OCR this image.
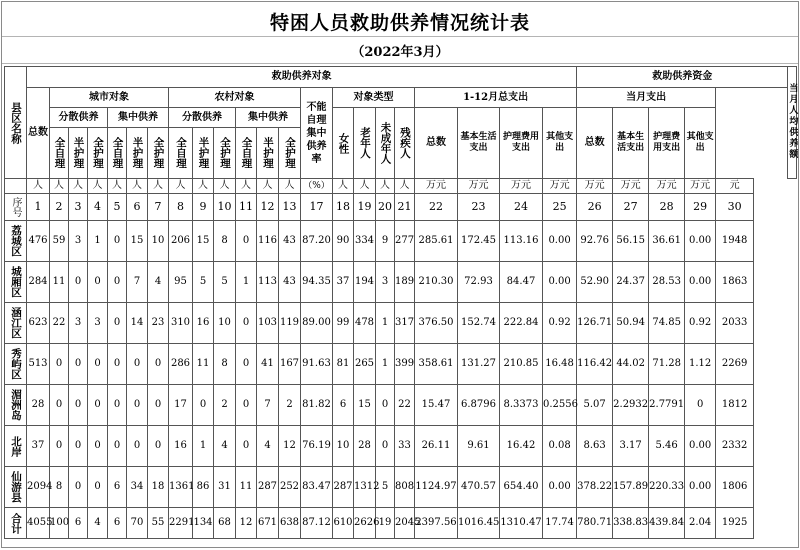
特困人员救助供养情况统计表
（2022年3月）
县区名称	救助供养对象																						救助供养资金					当月人均供养额

	总数	城市对象						农村对象						不能自理集中供养率	对象类型				1-12月总支出				当月支出					
		分散供养			集中供养			分散供养			集中供养				女性	老年人	未成年人	残疾人	总数	基本生活支出	护理费用支出	其他支出	总数	基本生活支出	护理费用支出	其他支出		

		全自理	半护理	全护理	全自理	半护理	全护理	全自理	半护理	全护理	全自理	半护理	全护理															

	人	人	人	人	人	人	人	人	人	人	人	人	人	（%）	人	人	人	人	万元	万元	万元	万元	万元	万元	万元	万元	元	

序号	1	2	3	4	5	6	7	8	9	10	11	12	13	17	18	19	20	21	22	23	24	25	26	27	28	29	30	

荔城区	476	59	3	1	0	15	10	206	15	8	0	116	43	87.20	90	334	9	277	285.61	172.45	113.16	0.00	92.76	56.15	36.61	0.00	1948	

城厢区	284	11	0	0	0	7	4	95	5	5	1	113	43	94.35	37	194	3	189	210.30	72.93	84.47	0.00	52.90	24.37	28.53	0.00	1863	

涵江区	623	22	3	3	0	14	23	310	16	10	0	103	119	89.00	99	478	1	317	376.50	152.74	222.84	0.92	126.71	50.94	74.85	0.92	2033	

秀屿区	513	0	0	0	0	0	0	286	11	8	0	41	167	91.63	81	265	1	399	358.61	131.27	210.85	16.48	116.42	44.02	71.28	1.12	2269	

湄洲岛	28	0	0	0	0	0	0	17	0	2	0	7	2	81.82	6	15	0	22	15.47	6.8796	8.3373	0.2556	5.07	2.2932	2.7791	0	1812	

北岸	37	0	0	0	0	0	0	16	1	4	0	4	12	76.19	10	28	0	33	26.11	9.61	16.42	0.08	8.63	3.17	5.46	0.00	2332	

仙游县	2094	8	0	0	6	34	18	1361	86	31	11	287	252	83.47	287	1312	5	808	1124.97	470.57	654.40	0.00	378.22	157.89	220.33	0.00	1806	

合计	4055	100	6	4	6	70	55	2291	134	68	12	671	638	87.12	610	2626	19	2045	2397.56	1016.45	1310.47	17.74	780.71	338.83	439.84	2.04	1925	
